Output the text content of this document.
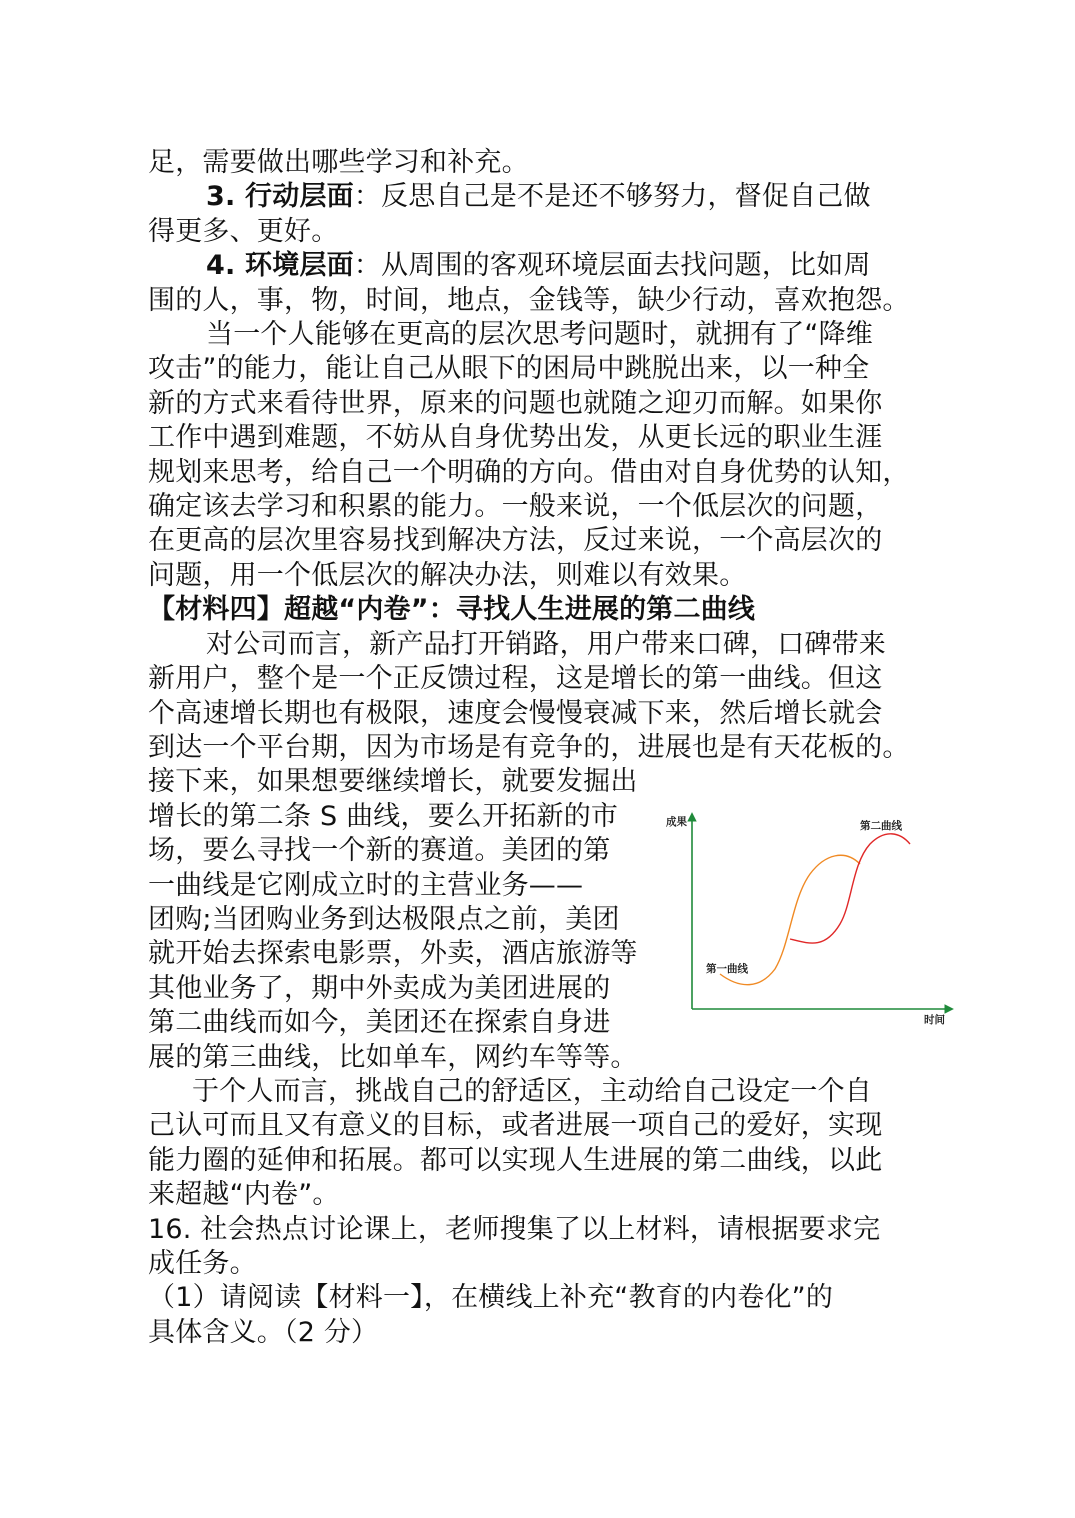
足，需要做出哪些学习和补充。
3. 行动层面：反思自己是不是还不够努力，督促自己做
得更多、更好。
4. 环境层面：从周围的客观环境层面去找问题，比如周
围的人，事，物，时间，地点，金钱等，缺少行动，喜欢抱怨。
当一个人能够在更高的层次思考问题时，就拥有了“降维
攻击”的能力，能让自己从眼下的困局中跳脱出来，以一种全
新的方式来看待世界，原来的问题也就随之迎刃而解。如果你
工作中遇到难题，不妨从自身优势出发，从更长远的职业生涯
规划来思考，给自己一个明确的方向。借由对自身优势的认知，
确定该去学习和积累的能力。一般来说，一个低层次的问题，
在更高的层次里容易找到解决方法，反过来说，一个高层次的
问题，用一个低层次的解决办法，则难以有效果。
【材料四】超越“内卷”：寻找人生进展的第二曲线
对公司而言，新产品打开销路，用户带来口碑，口碑带来
新用户，整个是一个正反馈过程，这是增长的第一曲线。但这
个高速增长期也有极限，速度会慢慢衰减下来，然后增长就会
到达一个平台期，因为市场是有竞争的，进展也是有天花板的。
接下来，如果想要继续增长，就要发掘出
增长的第二条 S 曲线，要么开拓新的市
场，要么寻找一个新的赛道。美团的第
一曲线是它刚成立时的主营业务——
团购;当团购业务到达极限点之前，美团
就开始去探索电影票，外卖，酒店旅游等
其他业务了，期中外卖成为美团进展的
第二曲线而如今，美团还在探索自身进
展的第三曲线，比如单车，网约车等等。
于个人而言，挑战自己的舒适区，主动给自己设定一个自
己认可而且又有意义的目标，或者进展一项自己的爱好，实现
能力圈的延伸和拓展。都可以实现人生进展的第二曲线，以此
来超越“内卷”。
16. 社会热点讨论课上，老师搜集了以上材料，请根据要求完
成任务。
（1）请阅读【材料一】，在横线上补充“教育的内卷化”的
具体含义。（2 分）
成果
时间
第一曲线
第二曲线
